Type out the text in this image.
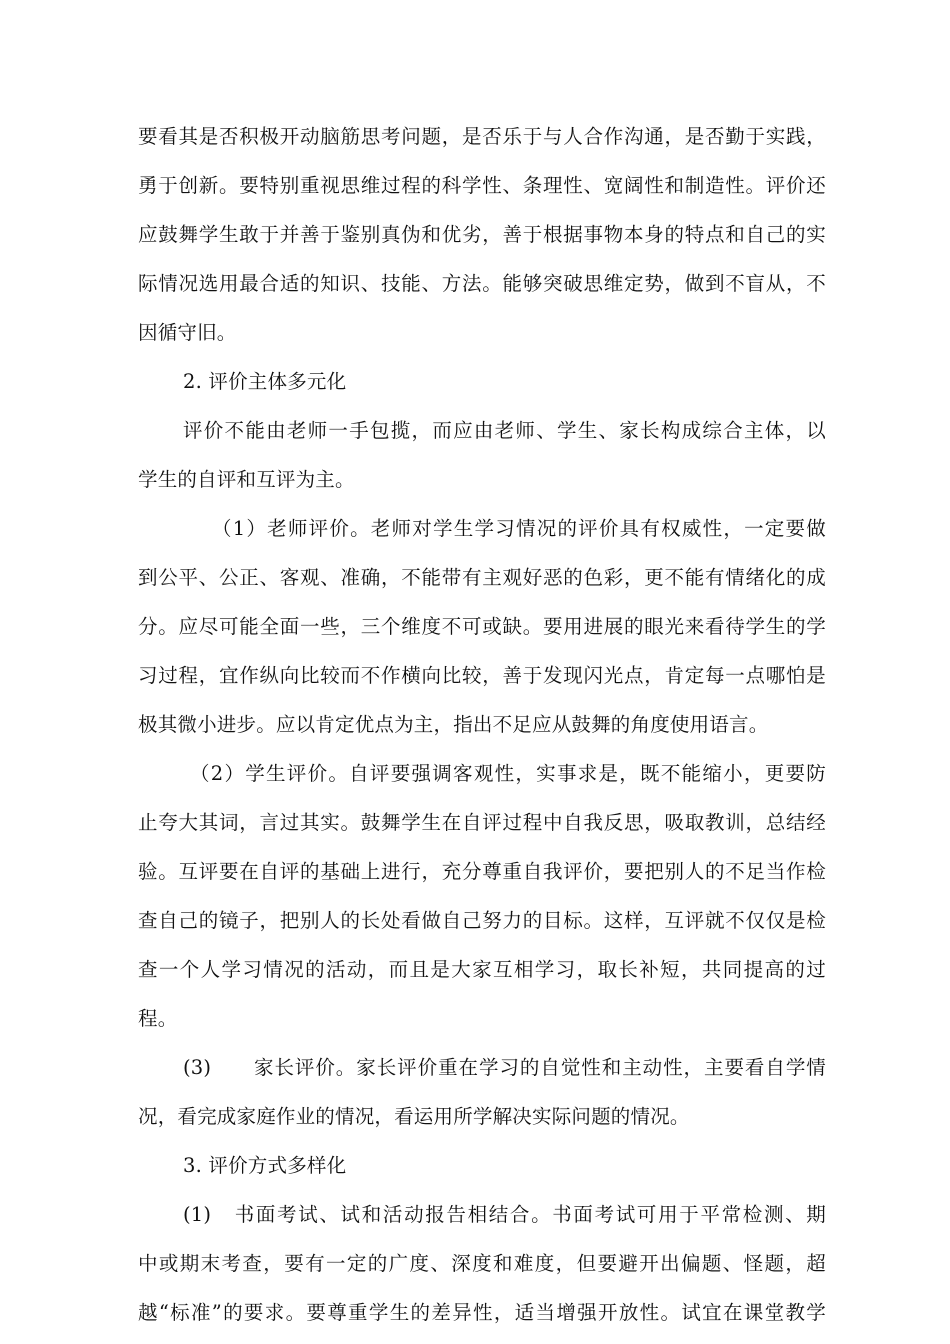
要看其是否积极开动脑筋思考问题，是否乐于与人合作沟通，是否勤于实践，
勇于创新。要特别重视思维过程的科学性、条理性、宽阔性和制造性。评价还
应鼓舞学生敢于并善于鉴别真伪和优劣，善于根据事物本身的特点和自己的实
际情况选用最合适的知识、技能、方法。能够突破思维定势，做到不盲从，不
因循守旧。
2. 评价主体多元化
评价不能由老师一手包揽，而应由老师、学生、家长构成综合主体，以
学生的自评和互评为主。
（1）老师评价。老师对学生学习情况的评价具有权威性，一定要做
到公平、公正、客观、准确，不能带有主观好恶的色彩，更不能有情绪化的成
分。应尽可能全面一些，三个维度不可或缺。要用进展的眼光来看待学生的学
习过程，宜作纵向比较而不作横向比较，善于发现闪光点，肯定每一点哪怕是
极其微小进步。应以肯定优点为主，指出不足应从鼓舞的角度使用语言。
（2）学生评价。自评要强调客观性，实事求是，既不能缩小，更要防
止夸大其词，言过其实。鼓舞学生在自评过程中自我反思，吸取教训，总结经
验。互评要在自评的基础上进行，充分尊重自我评价，要把别人的不足当作检
查自己的镜子，把别人的长处看做自己努力的目标。这样，互评就不仅仅是检
查一个人学习情况的活动，而且是大家互相学习，取长补短，共同提高的过
程。
(3) 家长评价。家长评价重在学习的自觉性和主动性，主要看自学情
况，看完成家庭作业的情况，看运用所学解决实际问题的情况。
3. 评价方式多样化
(1) 书面考试、试和活动报告相结合。书面考试可用于平常检测、期
中或期末考查，要有一定的广度、深度和难度，但要避开出偏题、怪题，超
越“标准”的要求。要尊重学生的差异性，适当增强开放性。试宜在课堂教学
